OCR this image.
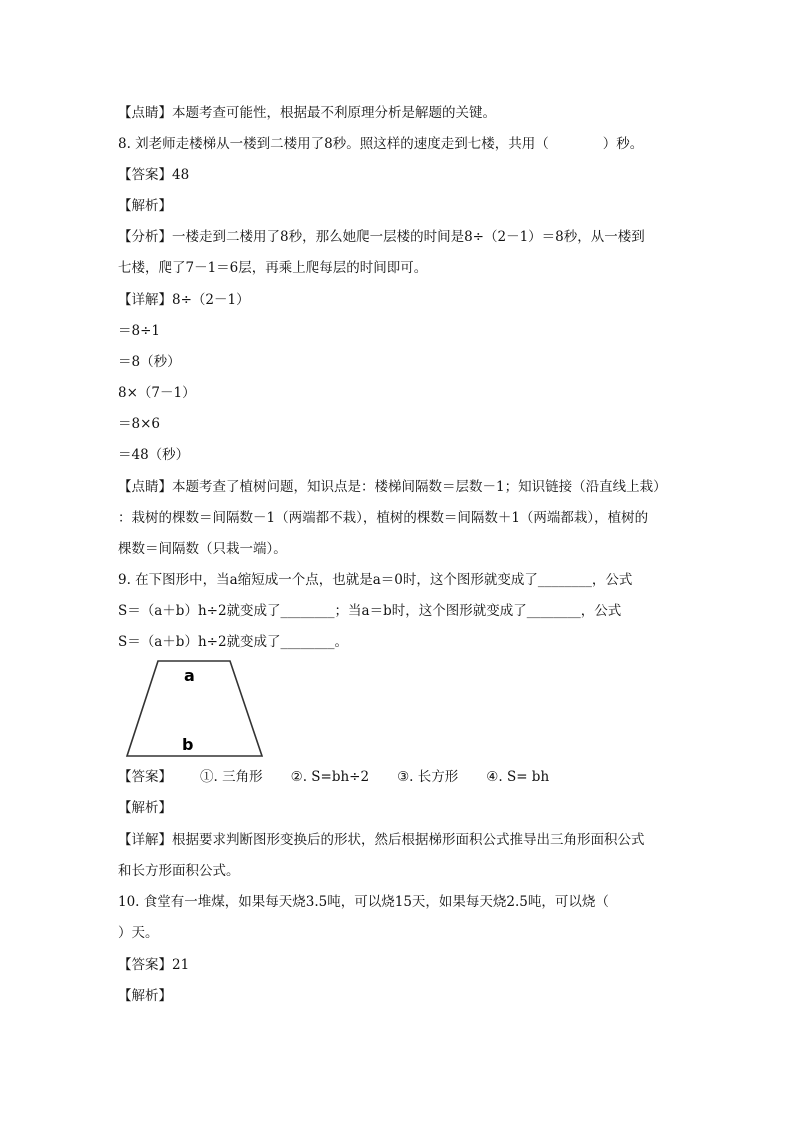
【点睛】本题考查可能性，根据最不利原理分析是解题的关键。
8. 刘老师走楼梯从一楼到二楼用了8秒。照这样的速度走到七楼，共用（　　　　）秒。
【答案】48
【解析】
【分析】一楼走到二楼用了8秒，那么她爬一层楼的时间是8÷（2－1）＝8秒，从一楼到
七楼，爬了7－1＝6层，再乘上爬每层的时间即可。
【详解】8÷（2－1）
＝8÷1
＝8（秒）
8×（7－1）
＝8×6
＝48（秒）
【点睛】本题考查了植树问题，知识点是：楼梯间隔数＝层数－1；知识链接（沿直线上栽）
：栽树的棵数＝间隔数－1（两端都不栽），植树的棵数＝间隔数＋1（两端都栽），植树的
棵数＝间隔数（只栽一端）。
9. 在下图形中，当a缩短成一个点，也就是a＝0时，这个图形就变成了________，公式
S＝（a＋b）h÷2就变成了________；当a＝b时，这个图形就变成了________，公式
S＝（a＋b）h÷2就变成了________。
a
b
【答案】 ①. 三角形 ②. S=bh÷2 ③. 长方形 ④. S= bh
【解析】
【详解】根据要求判断图形变换后的形状，然后根据梯形面积公式推导出三角形面积公式
和长方形面积公式。
10. 食堂有一堆煤，如果每天烧3.5吨，可以烧15天，如果每天烧2.5吨，可以烧（
）天。
【答案】21
【解析】
